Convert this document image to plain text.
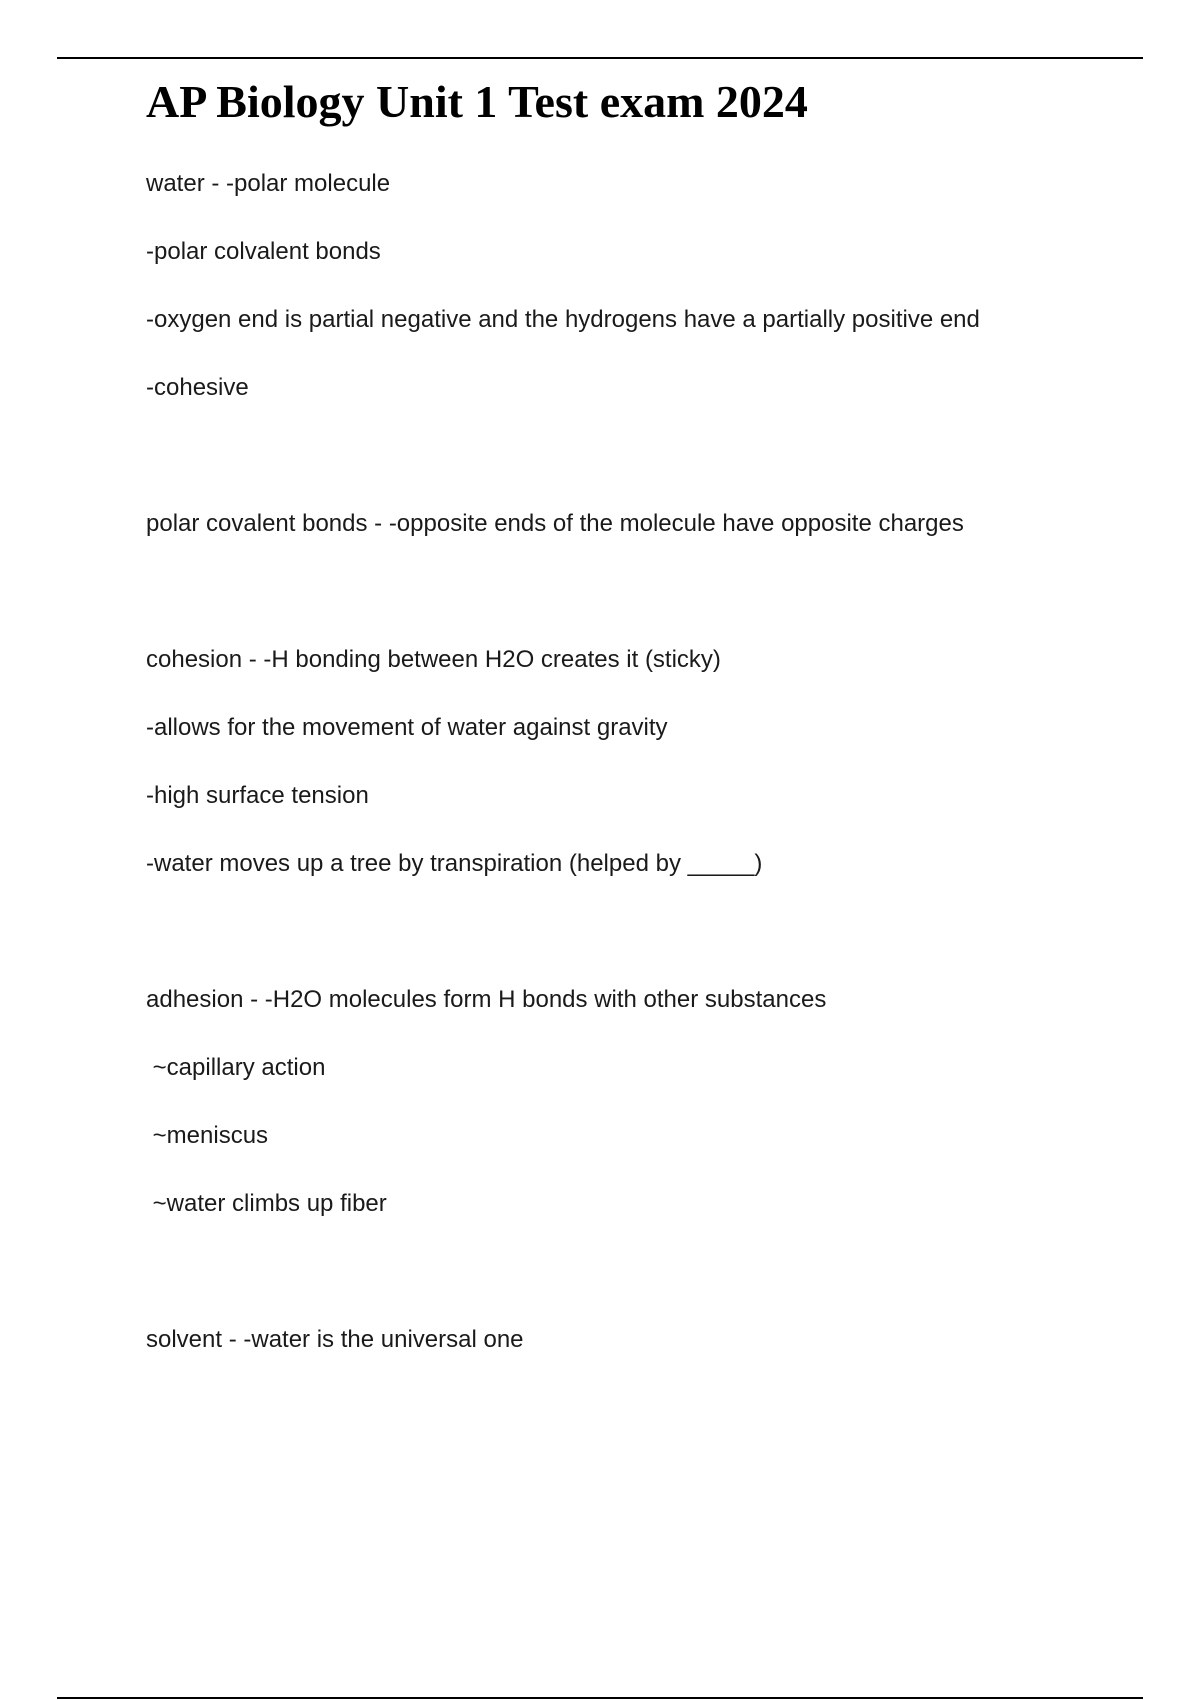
AP Biology Unit 1 Test exam 2024
water - -polar molecule
-polar colvalent bonds
-oxygen end is partial negative and the hydrogens have a partially positive end
-cohesive
polar covalent bonds - -opposite ends of the molecule have opposite charges
cohesion - -H bonding between H2O creates it (sticky)
-allows for the movement of water against gravity
-high surface tension
-water moves up a tree by transpiration (helped by _____)
adhesion - -H2O molecules form H bonds with other substances
~capillary action
~meniscus
~water climbs up fiber
solvent - -water is the universal one
